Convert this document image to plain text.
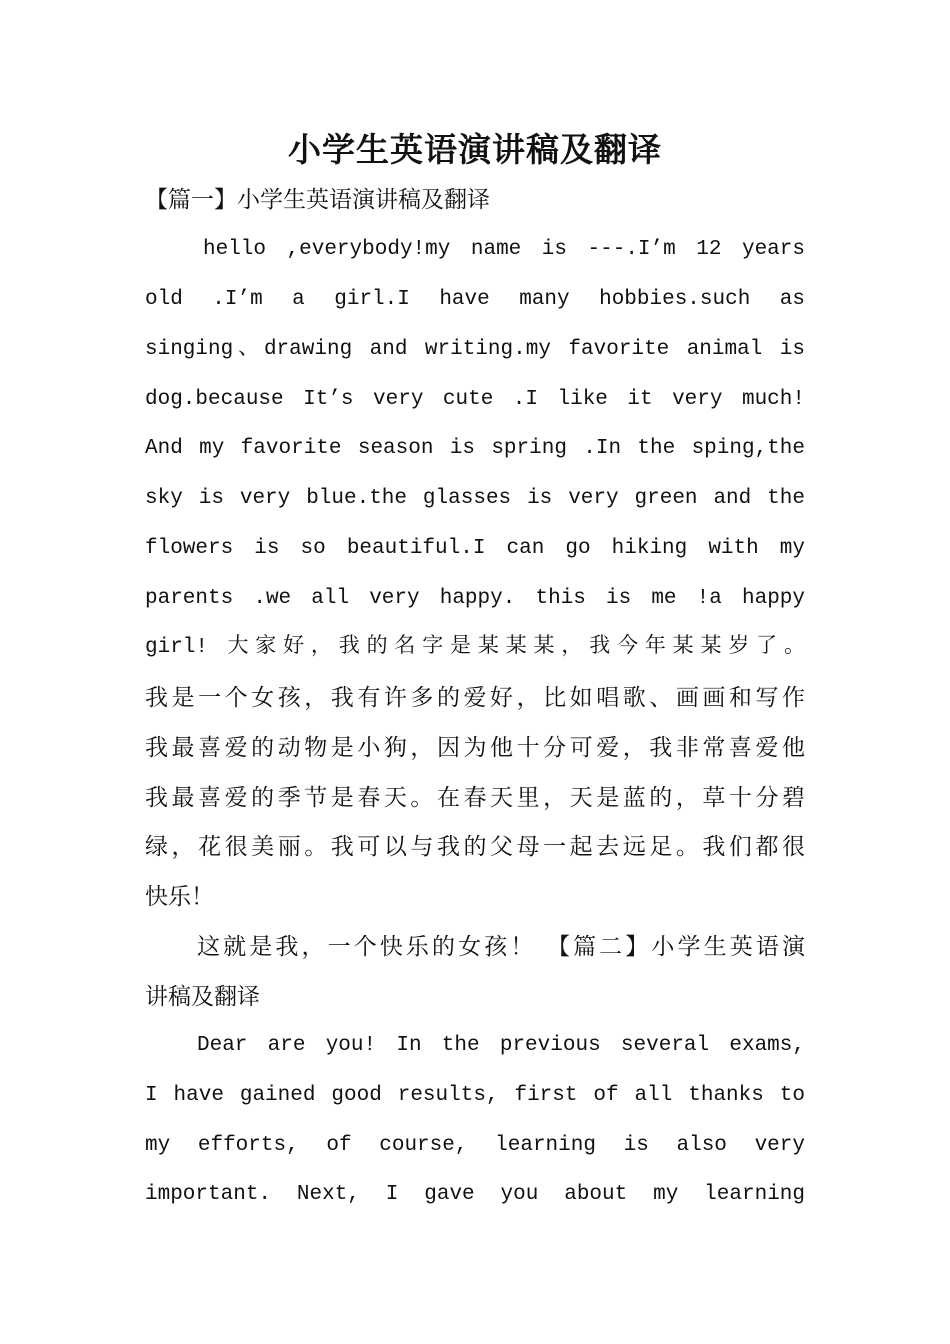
小学生英语演讲稿及翻译
【篇一】小学生英语演讲稿及翻译
hello ,everybody!my name is ---.I’m 12 years
old .I’m a girl.I have many hobbies.such as
singing、drawing and writing.my favorite animal is
dog.because It’s very cute .I like it very much!
And my favorite season is spring .In the sping,the
sky is very blue.the glasses is very green and the
flowers is so beautiful.I can go hiking with my
parents .we all very happy. this is me !a happy
girl! 大家好，我的名字是某某某，我今年某某岁了。
我是一个女孩，我有许多的爱好，比如唱歌、画画和写作
我最喜爱的动物是小狗，因为他十分可爱，我非常喜爱他
我最喜爱的季节是春天。在春天里，天是蓝的，草十分碧
绿，花很美丽。我可以与我的父母一起去远足。我们都很
快乐！
这就是我，一个快乐的女孩！ 【篇二】小学生英语演
讲稿及翻译
Dear are you! In the previous several exams,
I have gained good results, first of all thanks to
my efforts, of course, learning is also very
important. Next, I gave you about my learning
